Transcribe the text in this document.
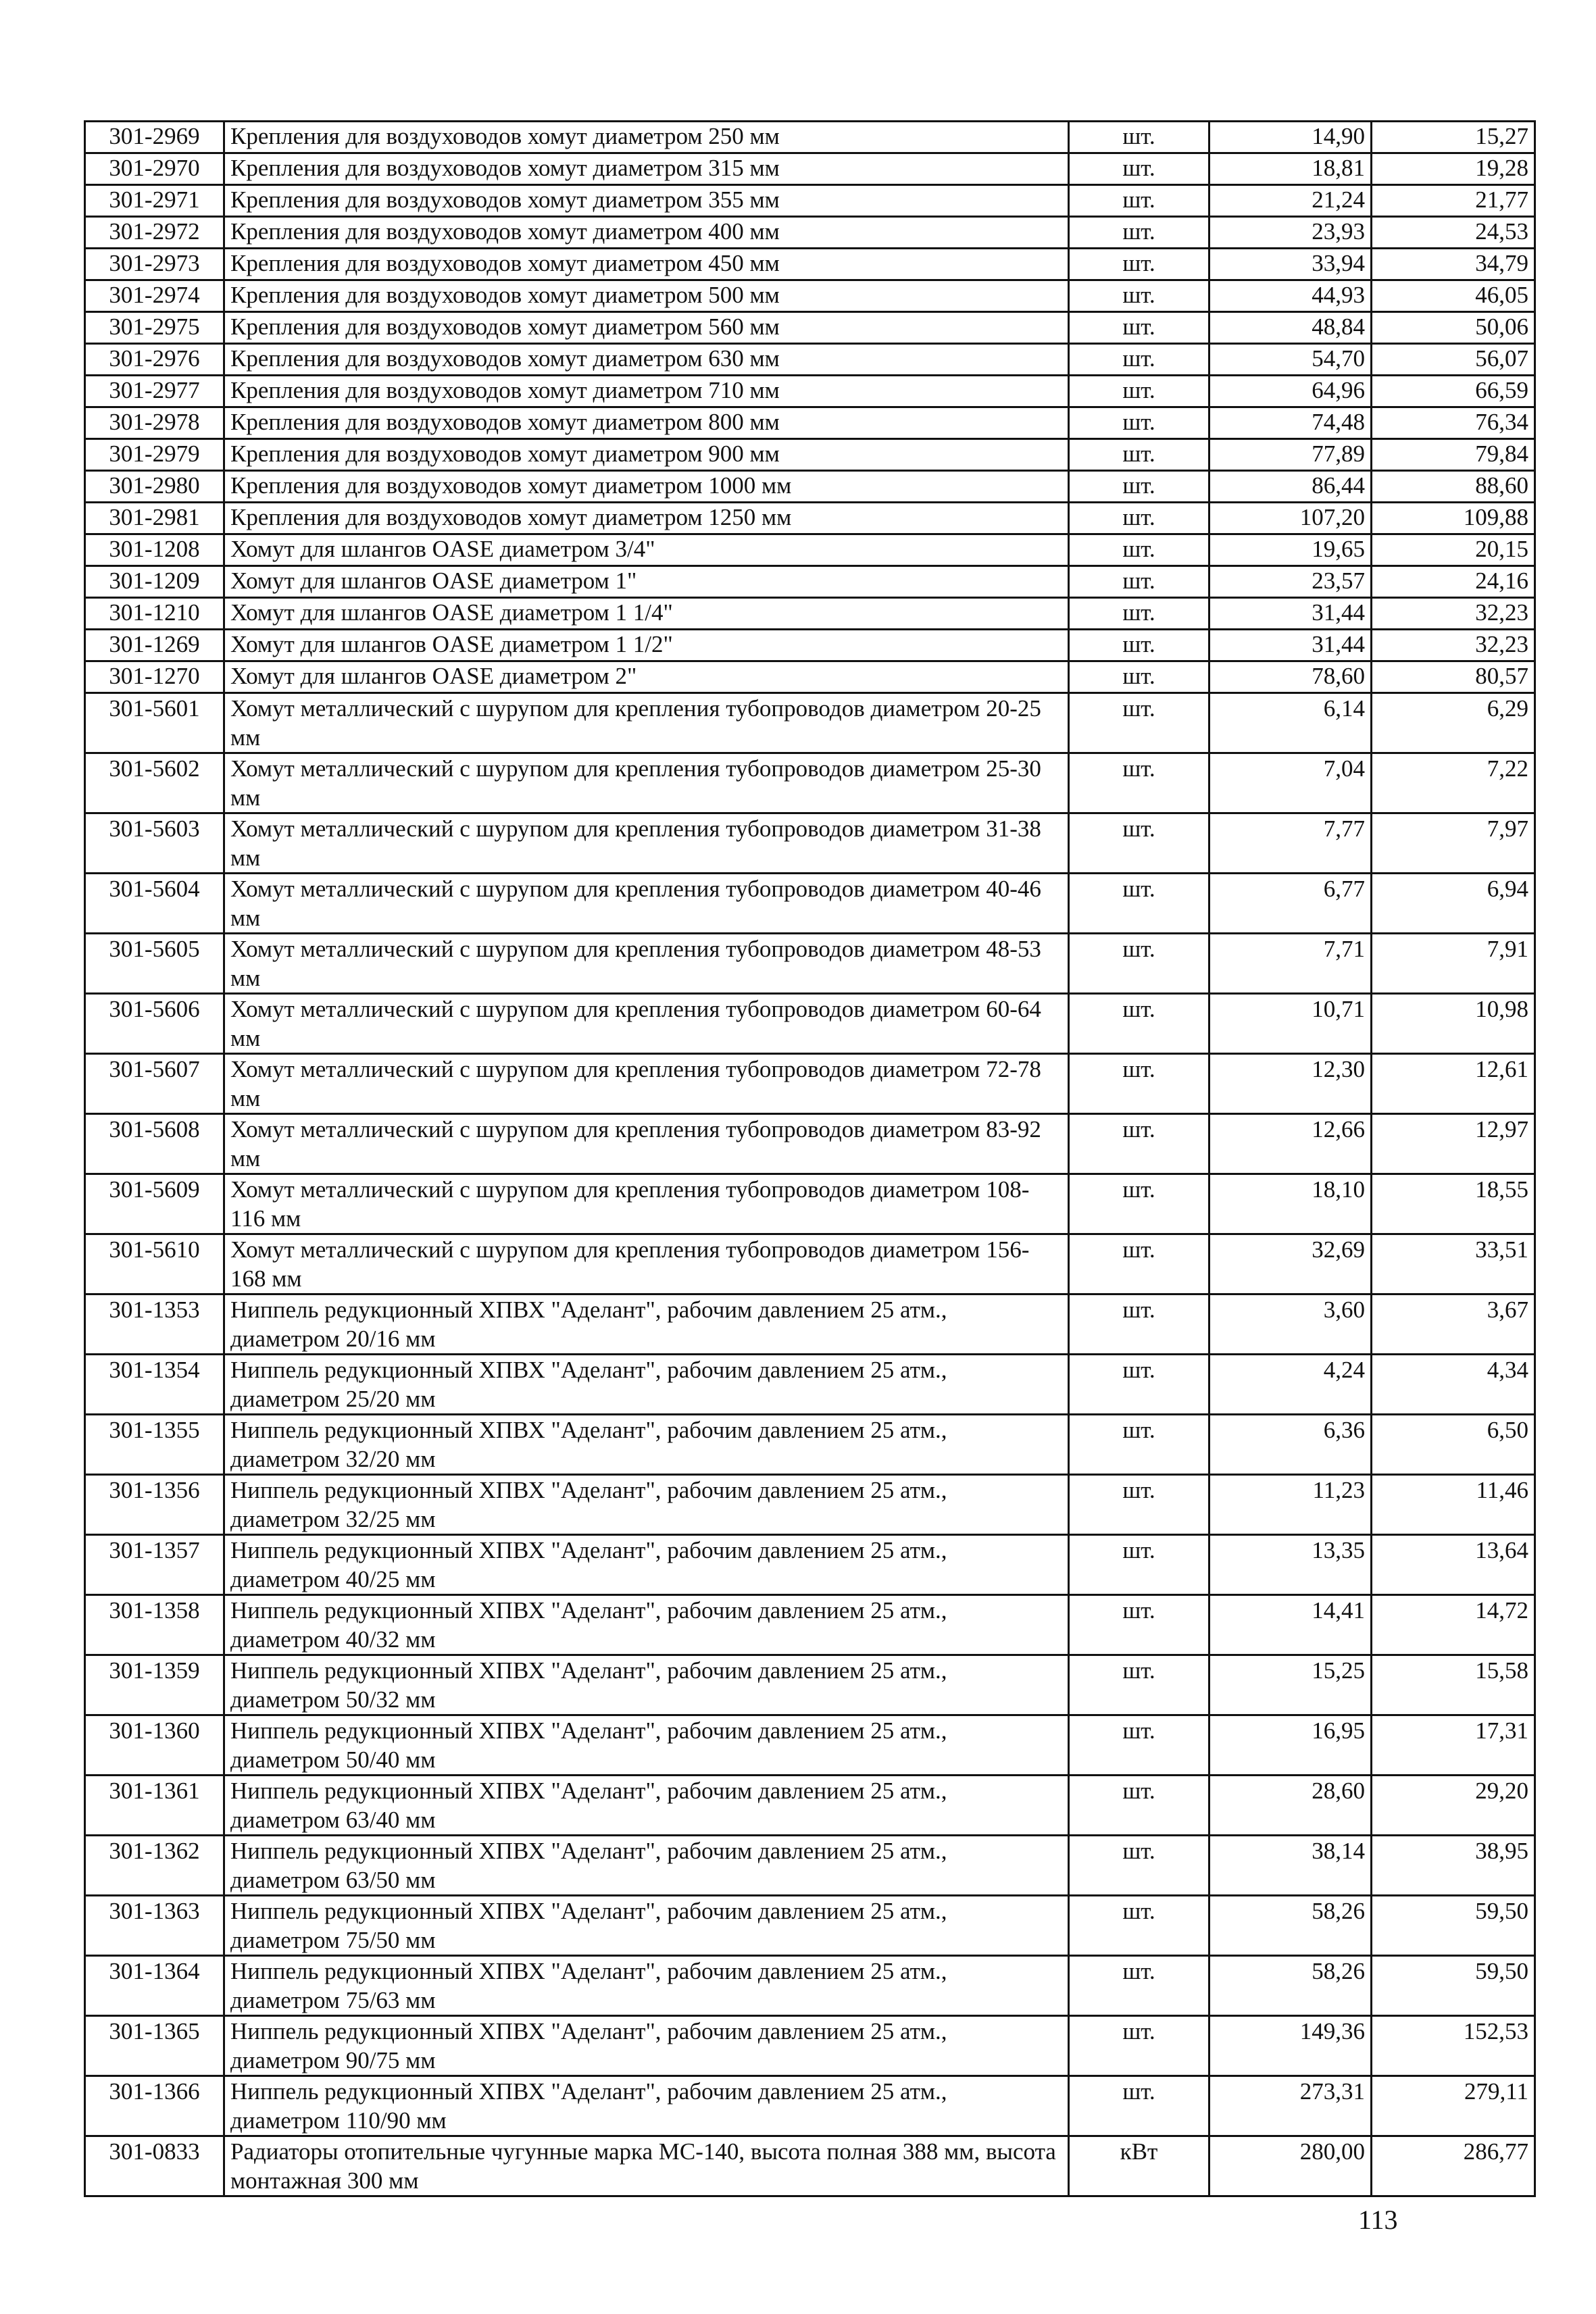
301-2969	Крепления для воздуховодов хомут диаметром 250 мм	шт.	14,90	15,27
301-2970	Крепления для воздуховодов хомут диаметром 315 мм	шт.	18,81	19,28
301-2971	Крепления для воздуховодов хомут диаметром 355 мм	шт.	21,24	21,77
301-2972	Крепления для воздуховодов хомут диаметром 400 мм	шт.	23,93	24,53
301-2973	Крепления для воздуховодов хомут диаметром 450 мм	шт.	33,94	34,79
301-2974	Крепления для воздуховодов хомут диаметром 500 мм	шт.	44,93	46,05
301-2975	Крепления для воздуховодов хомут диаметром 560 мм	шт.	48,84	50,06
301-2976	Крепления для воздуховодов хомут диаметром 630 мм	шт.	54,70	56,07
301-2977	Крепления для воздуховодов хомут диаметром 710 мм	шт.	64,96	66,59
301-2978	Крепления для воздуховодов хомут диаметром 800 мм	шт.	74,48	76,34
301-2979	Крепления для воздуховодов хомут диаметром 900 мм	шт.	77,89	79,84
301-2980	Крепления для воздуховодов хомут диаметром 1000 мм	шт.	86,44	88,60
301-2981	Крепления для воздуховодов хомут диаметром 1250 мм	шт.	107,20	109,88
301-1208	Хомут для шлангов OASE диаметром 3/4"	шт.	19,65	20,15
301-1209	Хомут для шлангов OASE диаметром 1"	шт.	23,57	24,16
301-1210	Хомут для шлангов OASE диаметром 1 1/4"	шт.	31,44	32,23
301-1269	Хомут для шлангов OASE диаметром 1 1/2"	шт.	31,44	32,23
301-1270	Хомут для шлангов OASE диаметром 2"	шт.	78,60	80,57
301-5601	Хомут металлический с шурупом для крепления тубопроводов диаметром 20-25 мм	шт.	6,14	6,29
301-5602	Хомут металлический с шурупом для крепления тубопроводов диаметром 25-30 мм	шт.	7,04	7,22
301-5603	Хомут металлический с шурупом для крепления тубопроводов диаметром 31-38 мм	шт.	7,77	7,97
301-5604	Хомут металлический с шурупом для крепления тубопроводов диаметром 40-46 мм	шт.	6,77	6,94
301-5605	Хомут металлический с шурупом для крепления тубопроводов диаметром 48-53 мм	шт.	7,71	7,91
301-5606	Хомут металлический с шурупом для крепления тубопроводов диаметром 60-64 мм	шт.	10,71	10,98
301-5607	Хомут металлический с шурупом для крепления тубопроводов диаметром 72-78 мм	шт.	12,30	12,61
301-5608	Хомут металлический с шурупом для крепления тубопроводов диаметром 83-92 мм	шт.	12,66	12,97
301-5609	Хомут металлический с шурупом для крепления тубопроводов диаметром 108-116 мм	шт.	18,10	18,55
301-5610	Хомут металлический с шурупом для крепления тубопроводов диаметром 156-168 мм	шт.	32,69	33,51
301-1353	Ниппель редукционный ХПВХ "Аделант", рабочим давлением 25 атм., диаметром 20/16 мм	шт.	3,60	3,67
301-1354	Ниппель редукционный ХПВХ "Аделант", рабочим давлением 25 атм., диаметром 25/20 мм	шт.	4,24	4,34
301-1355	Ниппель редукционный ХПВХ "Аделант", рабочим давлением 25 атм., диаметром 32/20 мм	шт.	6,36	6,50
301-1356	Ниппель редукционный ХПВХ "Аделант", рабочим давлением 25 атм., диаметром 32/25 мм	шт.	11,23	11,46
301-1357	Ниппель редукционный ХПВХ "Аделант", рабочим давлением 25 атм., диаметром 40/25 мм	шт.	13,35	13,64
301-1358	Ниппель редукционный ХПВХ "Аделант", рабочим давлением 25 атм., диаметром 40/32 мм	шт.	14,41	14,72
301-1359	Ниппель редукционный ХПВХ "Аделант", рабочим давлением 25 атм., диаметром 50/32 мм	шт.	15,25	15,58
301-1360	Ниппель редукционный ХПВХ "Аделант", рабочим давлением 25 атм., диаметром 50/40 мм	шт.	16,95	17,31
301-1361	Ниппель редукционный ХПВХ "Аделант", рабочим давлением 25 атм., диаметром 63/40 мм	шт.	28,60	29,20
301-1362	Ниппель редукционный ХПВХ "Аделант", рабочим давлением 25 атм., диаметром 63/50 мм	шт.	38,14	38,95
301-1363	Ниппель редукционный ХПВХ "Аделант", рабочим давлением 25 атм., диаметром 75/50 мм	шт.	58,26	59,50
301-1364	Ниппель редукционный ХПВХ "Аделант", рабочим давлением 25 атм., диаметром 75/63 мм	шт.	58,26	59,50
301-1365	Ниппель редукционный ХПВХ "Аделант", рабочим давлением 25 атм., диаметром 90/75 мм	шт.	149,36	152,53
301-1366	Ниппель редукционный ХПВХ "Аделант", рабочим давлением 25 атм., диаметром 110/90 мм	шт.	273,31	279,11
301-0833	Радиаторы отопительные чугунные марка МС-140, высота полная 388 мм, высота монтажная 300 мм	кВт	280,00	286,77
113
